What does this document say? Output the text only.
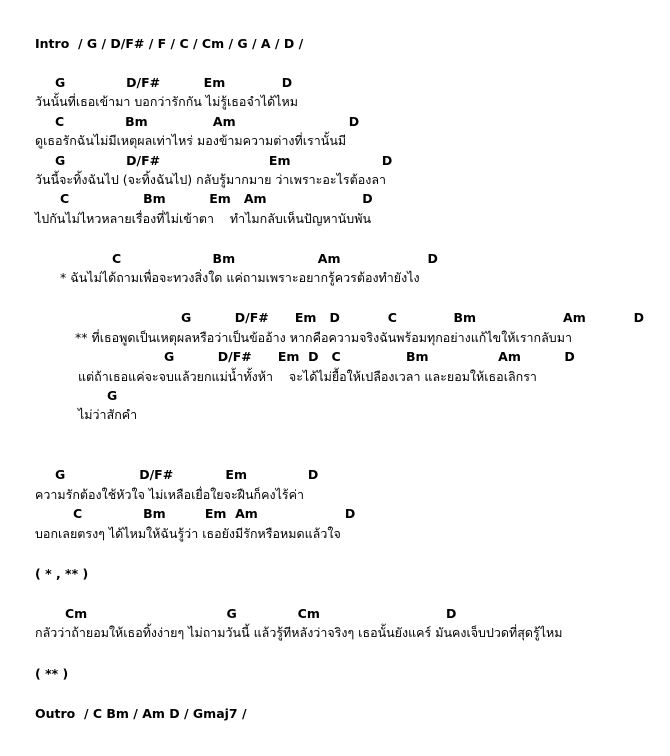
Intro  / G / D/F# / F / C / Cm / G / A / D /
G              D/F#          Em             D
วันนั้นที่เธอเข้ามา บอกว่ารักกัน ไม่รู้เธอจำได้ไหม
C              Bm               Am                          D
ดูเธอรักฉันไม่มีเหตุผลเท่าไหร่ มองข้ามความต่างที่เรานั้นมี
G              D/F#                         Em                     D
วันนี้จะทิ้งฉันไป (จะทิ้งฉันไป) กลับรู้มากมาย ว่าเพราะอะไรต้องลา
C                 Bm          Em   Am                      D
ไปกันไม่ไหวหลายเรื่องที่ไม่เข้าตา    ทำไมกลับเห็นปัญหานับพัน
C                     Bm                   Am                    D
* ฉันไม่ได้ถามเพื่อจะทวงสิ่งใด แค่ถามเพราะอยากรู้ควรต้องทำยังไง
G          D/F#      Em   D           C             Bm                    Am           D
** ที่เธอพูดเป็นเหตุผลหรือว่าเป็นข้ออ้าง หากคือความจริงฉันพร้อมทุกอย่างแก้ไขให้เรากลับมา
G          D/F#      Em  D   C               Bm                Am          D
แต่ถ้าเธอแค่จะจบแล้วยกแม่น้ำทั้งห้า    จะได้ไม่ยื้อให้เปลืองเวลา และยอมให้เธอเลิกรา
G
ไม่ว่าสักคำ
G                 D/F#            Em              D
ความรักต้องใช้หัวใจ ไม่เหลือเยื่อใยจะฝืนก็คงไร้ค่า
C              Bm         Em  Am                    D
บอกเลยตรงๆ ได้ไหมให้ฉันรู้ว่า เธอยังมีรักหรือหมดแล้วใจ
( * , ** )
Cm                                G              Cm                             D
กลัวว่าถ้ายอมให้เธอทิ้งง่ายๆ ไม่ถามวันนี้ แล้วรู้ทีหลังว่าจริงๆ เธอนั้นยังแคร์ มันคงเจ็บปวดที่สุดรู้ไหม
( ** )
Outro  / C Bm / Am D / Gmaj7 /
